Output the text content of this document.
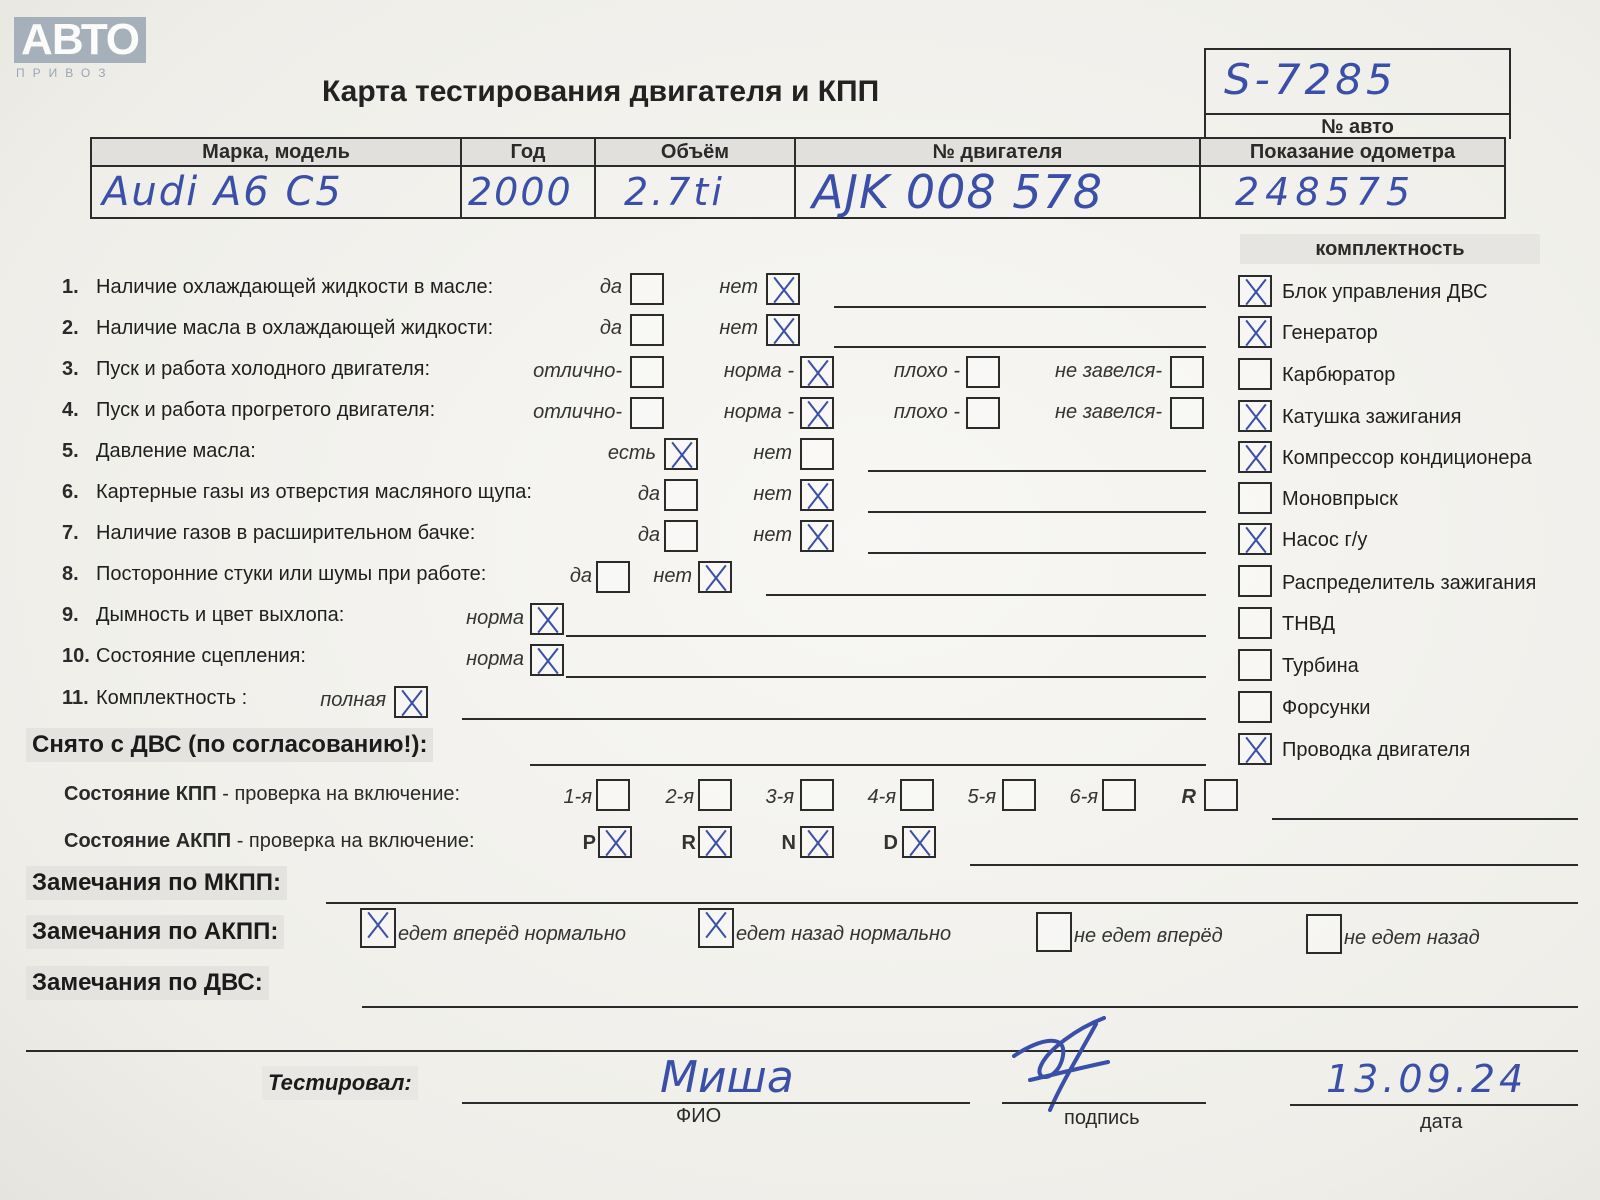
АВТО
ПРИВОЗ
Карта тестирования двигателя и КПП	S-7285
№ авто
Марка, модель	Год	Объём	№ двигателя	Показание одометра

Audi A6 C5	2000	2.7ti	AJK 008 578	248575
1. Наличие охлаждающей жидкости в масле:	да	нет
2. Наличие масла в охлаждающей жидкости:	да	нет
3. Пуск и работа холодного двигателя:	отлично-	норма -	плохо -	не завелся-
4. Пуск и работа прогретого двигателя:	отлично-	норма -	плохо -	не завелся-
5. Давление масла:	есть	нет
6. Картерные газы из отверстия масляного щупа:	да	нет
7. Наличие газов в расширительном бачке:	да	нет
8. Посторонние стуки или шумы при работе:	да	нет
9. Дымность и цвет выхлопа:	норма
10. Состояние сцепления:	норма
11. Комплектность :	полная
Снято с ДВС (по согласованию!):
Состояние КПП - проверка на включение:	1-я	2-я	3-я	4-я	5-я	6-я	R
Состояние АКПП - проверка на включение:	P	R	N	D
Замечания по МКПП:
Замечания по АКПП:	едет вперёд нормально	едет назад нормально	не едет вперёд	не едет назад
Замечания по ДВС:
Тестировал:	Миша
ФИО	подпись
13.09.24
дата
комплектность
Блок управления ДВС
Генератор
Карбюратор
Катушка зажигания
Компрессор кондиционера
Моновпрыск
Насос г/у
Распределитель зажигания
ТНВД
Турбина
Форсунки
Проводка двигателя
